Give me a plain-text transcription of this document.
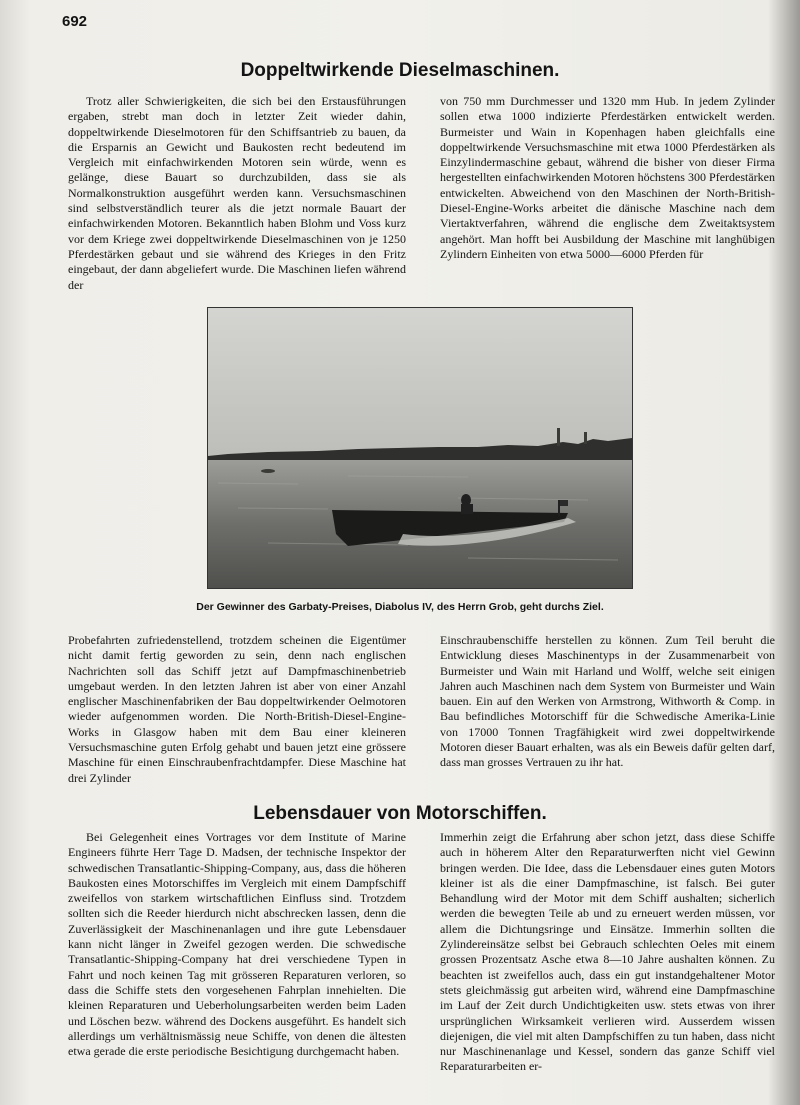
692
Doppeltwirkende Dieselmaschinen.

Trotz aller Schwierigkeiten, die sich bei den Erstausführungen ergaben, strebt man doch in letzter Zeit wieder dahin, doppeltwirkende Dieselmotoren für den Schiffsantrieb zu bauen, da die Ersparnis an Gewicht und Baukosten recht bedeutend im Vergleich mit einfachwirkenden Motoren sein würde, wenn es gelänge, diese Bauart so durchzubilden, dass sie als Normalkonstruktion ausgeführt werden kann. Versuchsmaschinen sind selbstverständlich teurer als die jetzt normale Bauart der einfachwirkenden Motoren. Bekanntlich haben Blohm und Voss kurz vor dem Kriege zwei doppeltwirkende Dieselmaschinen von je 1250 Pferdestärken gebaut und sie während des Krieges in den Fritz eingebaut, der dann abgeliefert wurde. Die Maschinen liefen während der

von 750 mm Durchmesser und 1320 mm Hub. In jedem Zylinder sollen etwa 1000 indizierte Pferdestärken entwickelt werden. Burmeister und Wain in Kopenhagen haben gleichfalls eine doppeltwirkende Versuchsmaschine mit etwa 1000 Pferdestärken als Einzylindermaschine gebaut, während die bisher von dieser Firma hergestellten einfachwirkenden Motoren höchstens 300 Pferdestärken entwickelten. Abweichend von den Maschinen der North-British-Diesel-Engine-Works arbeitet die dänische Maschine nach dem Viertaktverfahren, während die englische dem Zweitaktsystem angehört. Man hofft bei Ausbildung der Maschine mit langhübigen Zylindern Einheiten von etwa 5000—6000 Pferden für

Der Gewinner des Garbaty-Preises, Diabolus IV, des Herrn Grob, geht durchs Ziel.

Probefahrten zufriedenstellend, trotzdem scheinen die Eigentümer nicht damit fertig geworden zu sein, denn nach englischen Nachrichten soll das Schiff jetzt auf Dampfmaschinenbetrieb umgebaut werden. In den letzten Jahren ist aber von einer Anzahl englischer Maschinenfabriken der Bau doppeltwirkender Oelmotoren wieder aufgenommen worden. Die North-British-Diesel-Engine-Works in Glasgow haben mit dem Bau einer kleineren Versuchsmaschine guten Erfolg gehabt und bauen jetzt eine grössere Maschine für einen Einschraubenfrachtdampfer. Diese Maschine hat drei Zylinder

Einschraubenschiffe herstellen zu können. Zum Teil beruht die Entwicklung dieses Maschinentyps in der Zusammenarbeit von Burmeister und Wain mit Harland und Wolff, welche seit einigen Jahren auch Maschinen nach dem System von Burmeister und Wain bauen. Ein auf den Werken von Armstrong, Withworth & Comp. in Bau befindliches Motorschiff für die Schwedische Amerika-Linie von 17000 Tonnen Tragfähigkeit wird zwei doppeltwirkende Motoren dieser Bauart erhalten, was als ein Beweis dafür gelten darf, dass man grosses Vertrauen zu ihr hat.

Lebensdauer von Motorschiffen.

Bei Gelegenheit eines Vortrages vor dem Institute of Marine Engineers führte Herr Tage D. Madsen, der technische Inspektor der schwedischen Transatlantic-Shipping-Company, aus, dass die höheren Baukosten eines Motorschiffes im Vergleich mit einem Dampfschiff zweifellos von starkem wirtschaftlichen Einfluss sind. Trotzdem sollten sich die Reeder hierdurch nicht abschrecken lassen, denn die Zuverlässigkeit der Maschinenanlagen und ihre gute Lebensdauer kann nicht länger in Zweifel gezogen werden. Die schwedische Transatlantic-Shipping-Company hat drei verschiedene Typen in Fahrt und noch keinen Tag mit grösseren Reparaturen verloren, so dass die Schiffe stets den vorgesehenen Fahrplan innehielten. Die kleinen Reparaturen und Ueberholungsarbeiten werden beim Laden und Löschen bezw. während des Dockens ausgeführt. Es handelt sich allerdings um verhältnismässig neue Schiffe, von denen die ältesten etwa gerade die erste periodische Besichtigung durchgemacht haben.

Immerhin zeigt die Erfahrung aber schon jetzt, dass diese Schiffe auch in höherem Alter den Reparaturwerften nicht viel Gewinn bringen werden. Die Idee, dass die Lebensdauer eines guten Motors kleiner ist als die einer Dampfmaschine, ist falsch. Bei guter Behandlung wird der Motor mit dem Schiff aushalten; sicherlich werden die bewegten Teile ab und zu erneuert werden müssen, vor allem die Dichtungsringe und Einsätze. Immerhin sollten die Zylindereinsätze selbst bei Gebrauch schlechten Oeles mit einem grossen Prozentsatz Asche etwa 8—10 Jahre aushalten können. Zu beachten ist zweifellos auch, dass ein gut instandgehaltener Motor stets gleichmässig gut arbeiten wird, während eine Dampfmaschine im Lauf der Zeit durch Undichtigkeiten usw. stets etwas von ihrer ursprünglichen Wirksamkeit verlieren wird. Ausserdem wissen diejenigen, die viel mit alten Dampfschiffen zu tun haben, dass nicht nur Maschinenanlage und Kessel, sondern das ganze Schiff viel Reparaturarbeiten er-
